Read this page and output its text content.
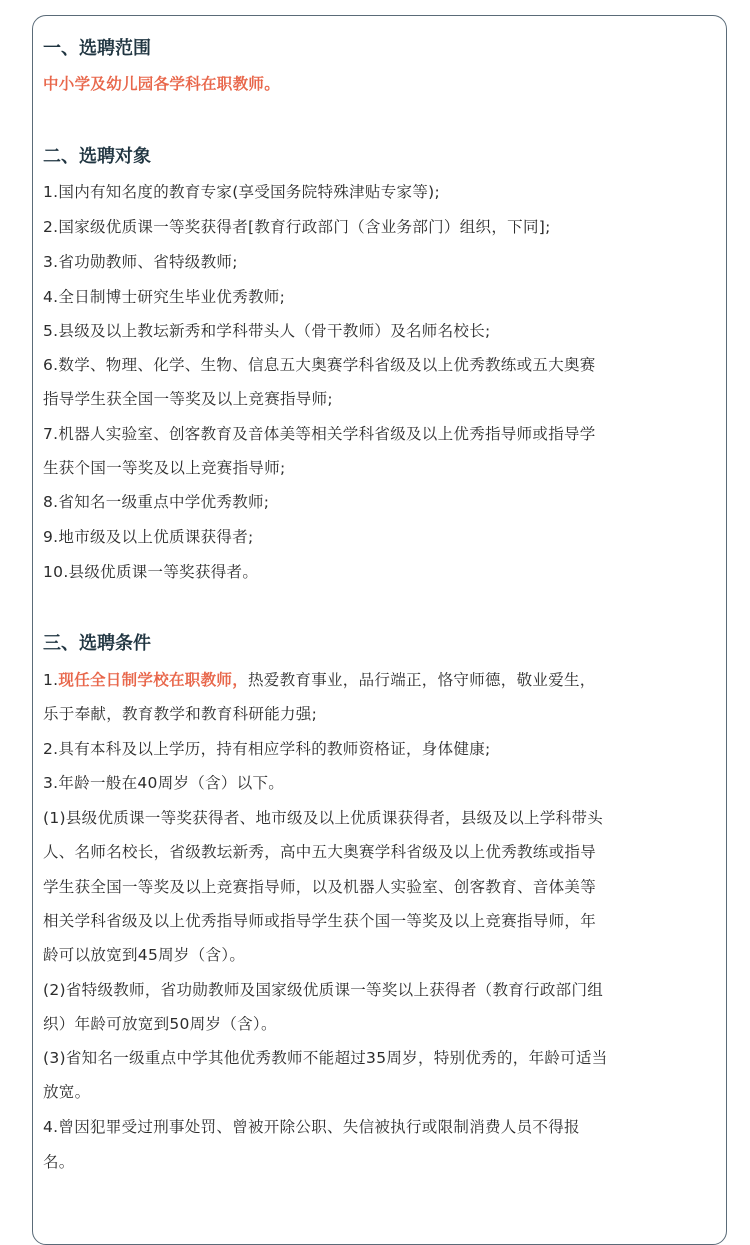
一、选聘范围
中小学及幼儿园各学科在职教师。
二、选聘对象
1.国内有知名度的教育专家(享受国务院特殊津贴专家等);
2.国家级优质课一等奖获得者[教育行政部门（含业务部门）组织，下同];
3.省功勋教师、省特级教师;
4.全日制博士研究生毕业优秀教师;
5.县级及以上教坛新秀和学科带头人（骨干教师）及名师名校长;
6.数学、物理、化学、生物、信息五大奥赛学科省级及以上优秀教练或五大奥赛
指导学生获全国一等奖及以上竞赛指导师;
7.机器人实验室、创客教育及音体美等相关学科省级及以上优秀指导师或指导学
生获个国一等奖及以上竞赛指导师;
8.省知名一级重点中学优秀教师;
9.地市级及以上优质课获得者;
10.县级优质课一等奖获得者。
三、选聘条件
1.现任全日制学校在职教师，热爱教育事业，品行端正，恪守师德，敬业爱生，
乐于奉献，教育教学和教育科研能力强;
2.具有本科及以上学历，持有相应学科的教师资格证，身体健康;
3.年龄一般在40周岁（含）以下。
(1)县级优质课一等奖获得者、地市级及以上优质课获得者，县级及以上学科带头
人、名师名校长，省级教坛新秀，高中五大奥赛学科省级及以上优秀教练或指导
学生获全国一等奖及以上竞赛指导师，以及机器人实验室、创客教育、音体美等
相关学科省级及以上优秀指导师或指导学生获个国一等奖及以上竞赛指导师，年
龄可以放宽到45周岁（含）。
(2)省特级教师，省功勋教师及国家级优质课一等奖以上获得者（教育行政部门组
织）年龄可放宽到50周岁（含）。
(3)省知名一级重点中学其他优秀教师不能超过35周岁，特别优秀的，年龄可适当
放宽。
4.曾因犯罪受过刑事处罚、曾被开除公职、失信被执行或限制消费人员不得报
名。
